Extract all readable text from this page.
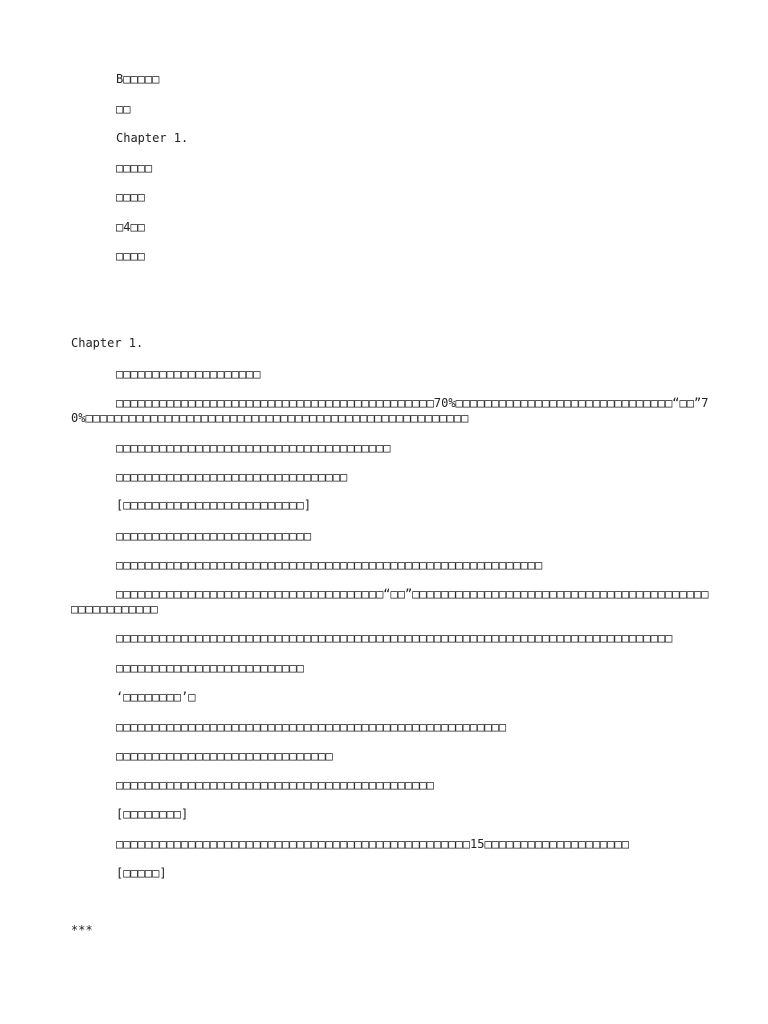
B□□□□□
□□
Chapter 1.
□□□□□
□□□□
□4□□
□□□□
Chapter 1.
□□□□□□□□□□□□□□□□□□□□
□□□□□□□□□□□□□□□□□□□□□□□□□□□□□□□□□□□□□□□□□□□□70%□□□□□□□□□□□□□□□□□□□□□□□□□□□□□□“□□”70%□□□□□□□□□□□□□□□□□□□□□□□□□□□□□□□□□□□□□□□□□□□□□□□□□□□□□
□□□□□□□□□□□□□□□□□□□□□□□□□□□□□□□□□□□□□□
□□□□□□□□□□□□□□□□□□□□□□□□□□□□□□□□
[□□□□□□□□□□□□□□□□□□□□□□□□□]
□□□□□□□□□□□□□□□□□□□□□□□□□□□
□□□□□□□□□□□□□□□□□□□□□□□□□□□□□□□□□□□□□□□□□□□□□□□□□□□□□□□□□□□
□□□□□□□□□□□□□□□□□□□□□□□□□□□□□□□□□□□□□“□□”□□□□□□□□□□□□□□□□□□□□□□□□□□□□□□□□□□□□□□□□□□□□□□□□□□□□□
□□□□□□□□□□□□□□□□□□□□□□□□□□□□□□□□□□□□□□□□□□□□□□□□□□□□□□□□□□□□□□□□□□□□□□□□□□□□□
□□□□□□□□□□□□□□□□□□□□□□□□□□
‘□□□□□□□□’□
□□□□□□□□□□□□□□□□□□□□□□□□□□□□□□□□□□□□□□□□□□□□□□□□□□□□□□
□□□□□□□□□□□□□□□□□□□□□□□□□□□□□□
□□□□□□□□□□□□□□□□□□□□□□□□□□□□□□□□□□□□□□□□□□□□
[□□□□□□□□]
□□□□□□□□□□□□□□□□□□□□□□□□□□□□□□□□□□□□□□□□□□□□□□□□□15□□□□□□□□□□□□□□□□□□□□
[□□□□□]
***
